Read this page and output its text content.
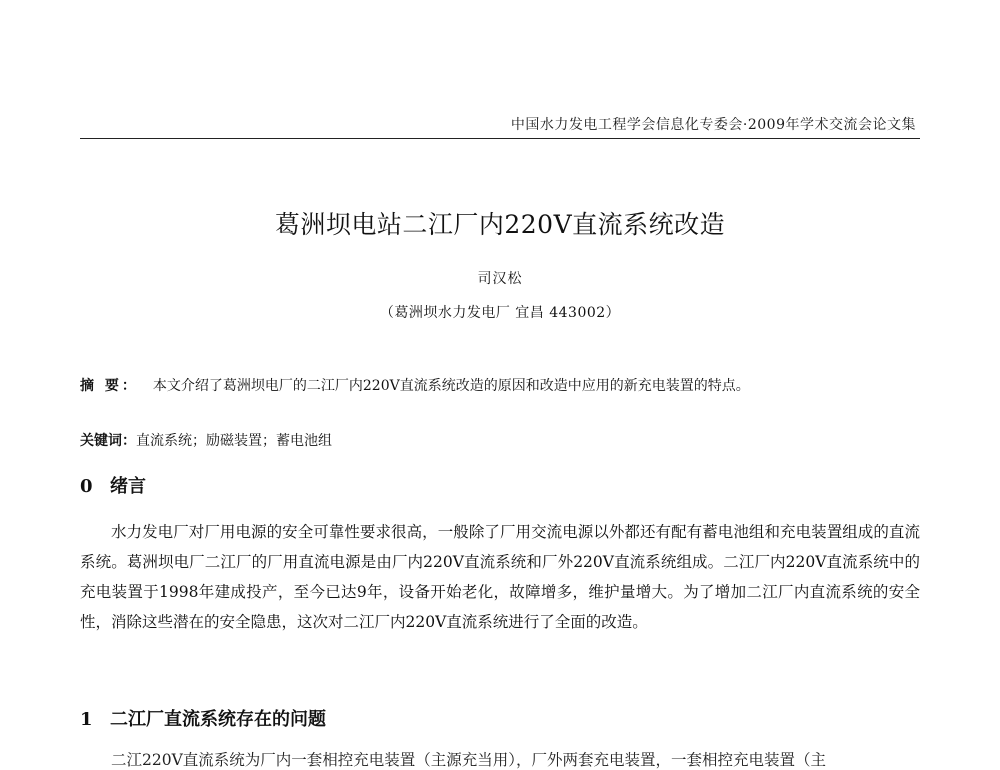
中国水力发电工程学会信息化专委会·2009年学术交流会论文集
葛洲坝电站二江厂内220V直流系统改造
司汉松
（葛洲坝水力发电厂 宜昌 443002）
摘 要： 本文介绍了葛洲坝电厂的二江厂内220V直流系统改造的原因和改造中应用的新充电装置的特点。
关键词：直流系统；励磁装置；蓄电池组
0 绪言
水力发电厂对厂用电源的安全可靠性要求很高，一般除了厂用交流电源以外都还有配有蓄电池组和充电装置组成的直流系统。葛洲坝电厂二江厂的厂用直流电源是由厂内220V直流系统和厂外220V直流系统组成。二江厂内220V直流系统中的充电装置于1998年建成投产，至今已达9年，设备开始老化，故障增多，维护量增大。为了增加二江厂内直流系统的安全性，消除这些潜在的安全隐患，这次对二江厂内220V直流系统进行了全面的改造。
1 二江厂直流系统存在的问题
二江220V直流系统为厂内一套相控充电装置（主源充当用），厂外两套充电装置，一套相控充电装置（主
